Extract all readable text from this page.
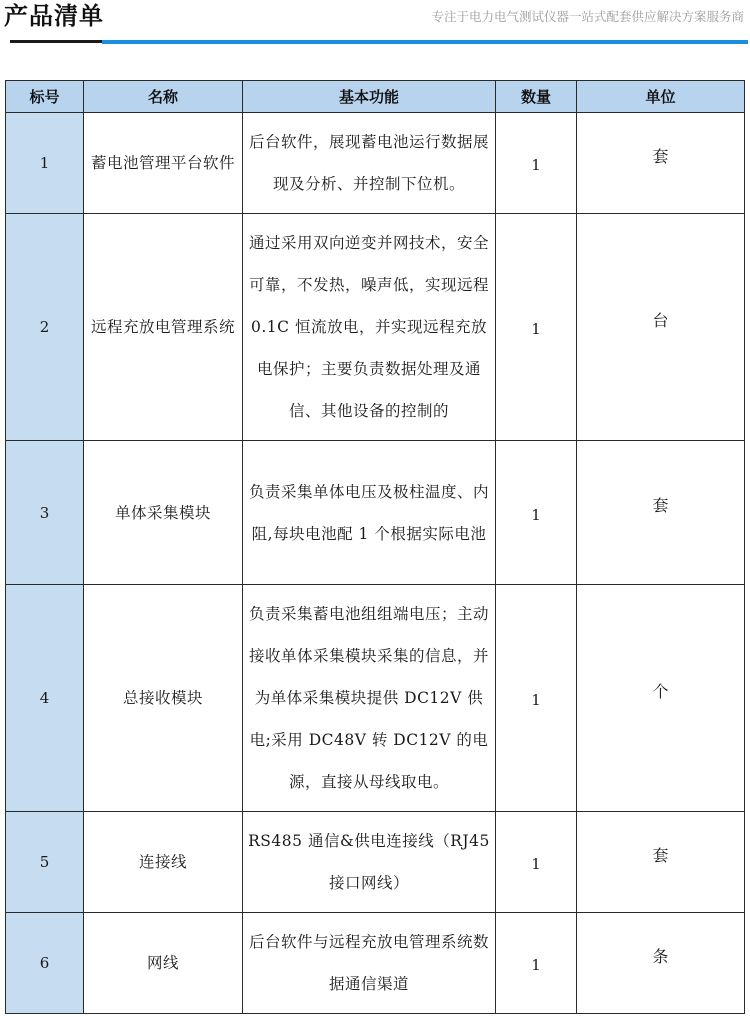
产品清单	专注于电力电气测试仪器一站式配套供应解决方案服务商
标号	名称	基本功能	数量	单位
1	蓄电池管理平台软件	后台软件，展现蓄电池运行数据展现及分析、并控制下位机。	1	套
2	远程充放电管理系统	通过采用双向逆变并网技术，安全可靠，不发热，噪声低，实现远程 0.1C 恒流放电，并实现远程充放电保护；主要负责数据处理及通信、其他设备的控制的	1	台
3	单体采集模块	负责采集单体电压及极柱温度、内阻,每块电池配 1 个根据实际电池	1	套
4	总接收模块	负责采集蓄电池组组端电压；主动接收单体采集模块采集的信息，并为单体采集模块提供 DC12V 供电;采用 DC48V 转 DC12V 的电源，直接从母线取电。	1	个
5	连接线	RS485 通信&供电连接线（RJ45 接口网线）	1	套
6	网线	后台软件与远程充放电管理系统数据通信渠道	1	条
